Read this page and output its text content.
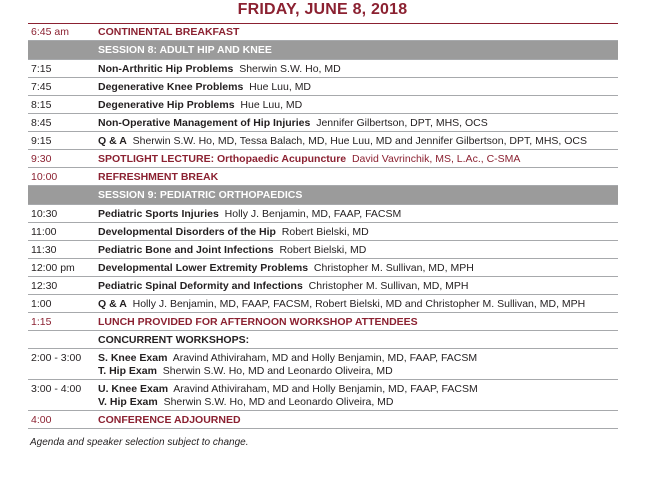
FRIDAY, JUNE 8, 2018
6:45 am	CONTINENTAL BREAKFAST
SESSION 8: ADULT HIP AND KNEE
7:15	Non-Arthritic Hip Problems Sherwin S.W. Ho, MD
7:45	Degenerative Knee Problems Hue Luu, MD
8:15	Degenerative Hip Problems Hue Luu, MD
8:45	Non-Operative Management of Hip Injuries Jennifer Gilbertson, DPT, MHS, OCS
9:15	Q & A Sherwin S.W. Ho, MD, Tessa Balach, MD, Hue Luu, MD and Jennifer Gilbertson, DPT, MHS, OCS
9:30	SPOTLIGHT LECTURE: Orthopaedic Acupuncture David Vavrinchik, MS, L.Ac., C-SMA
10:00	REFRESHMENT BREAK
SESSION 9: PEDIATRIC ORTHOPAEDICS
10:30	Pediatric Sports Injuries Holly J. Benjamin, MD, FAAP, FACSM
11:00	Developmental Disorders of the Hip Robert Bielski, MD
11:30	Pediatric Bone and Joint Infections Robert Bielski, MD
12:00 pm	Developmental Lower Extremity Problems Christopher M. Sullivan, MD, MPH
12:30	Pediatric Spinal Deformity and Infections Christopher M. Sullivan, MD, MPH
1:00	Q & A Holly J. Benjamin, MD, FAAP, FACSM, Robert Bielski, MD and Christopher M. Sullivan, MD, MPH
1:15	LUNCH PROVIDED FOR AFTERNOON WORKSHOP ATTENDEES
CONCURRENT WORKSHOPS:
2:00 - 3:00	S. Knee Exam Aravind Athiviraham, MD and Holly Benjamin, MD, FAAP, FACSM
T. Hip Exam Sherwin S.W. Ho, MD and Leonardo Oliveira, MD
3:00 - 4:00	U. Knee Exam Aravind Athiviraham, MD and Holly Benjamin, MD, FAAP, FACSM
V. Hip Exam Sherwin S.W. Ho, MD and Leonardo Oliveira, MD
4:00	CONFERENCE ADJOURNED
Agenda and speaker selection subject to change.
